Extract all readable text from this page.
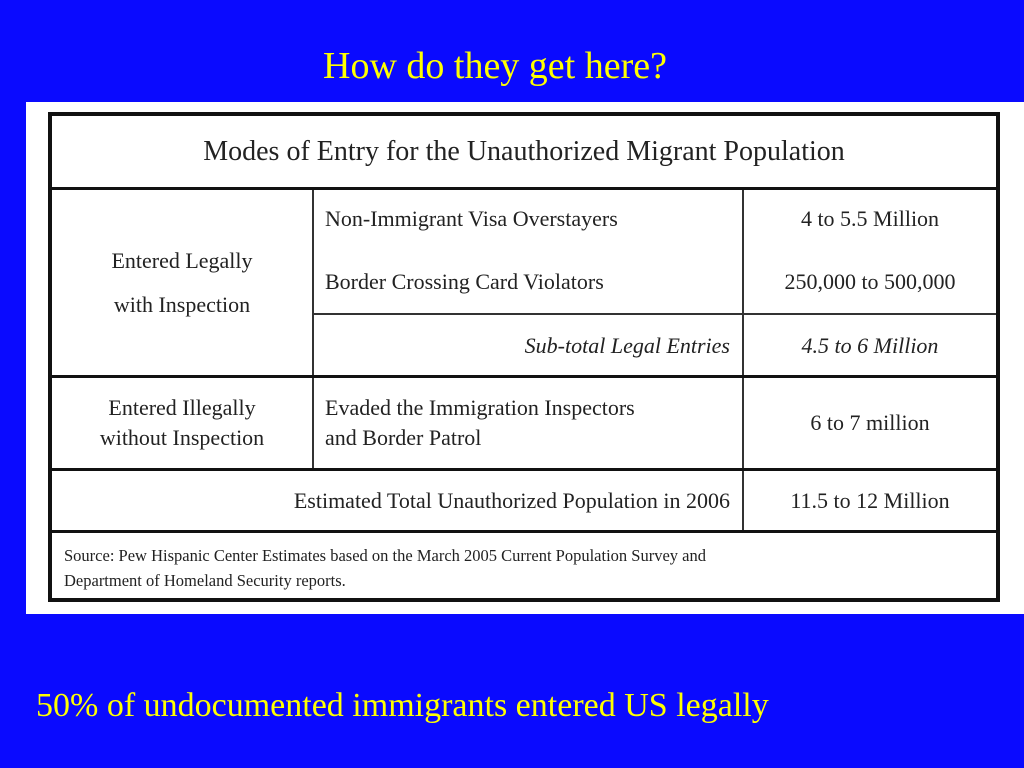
How do they get here?
Modes of Entry for the Unauthorized Migrant Population
Entered Legally
with Inspection
Non-Immigrant Visa Overstayers
Border Crossing Card Violators
4 to 5.5 Million
250,000 to 500,000
Sub-total Legal Entries	4.5 to 6 Million
Entered Illegally
without Inspection
Evaded the Immigration Inspectors
and Border Patrol
6 to 7 million
Estimated Total Unauthorized Population in 2006	11.5 to 12 Million
Source: Pew Hispanic Center Estimates based on the March 2005 Current Population Survey and
Department of Homeland Security reports.
50% of undocumented immigrants entered US legally
